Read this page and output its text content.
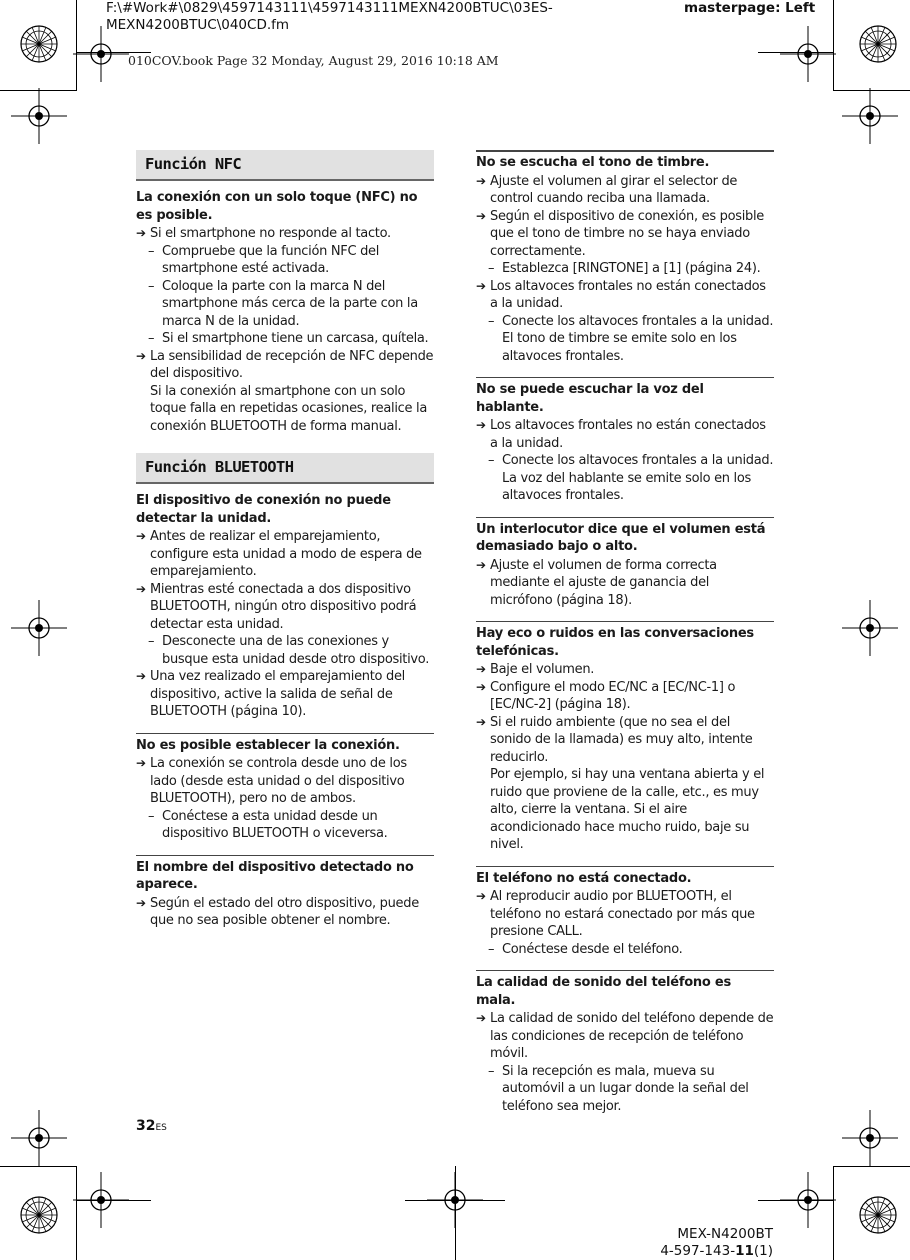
F:\#Work#\0829\4597143111\4597143111MEXN4200BTUC\03ES-
MEXN4200BTUC\040CD.fm
masterpage: Left
010COV.book Page 32 Monday, August 29, 2016 10:18 AM
Función NFC
La conexión con un solo toque (NFC) no es posible.
➔ Si el smartphone no responde al tacto.
– Compruebe que la función NFC del smartphone esté activada.
– Coloque la parte con la marca N del smartphone más cerca de la parte con la marca N de la unidad.
– Si el smartphone tiene un carcasa, quítela.
➔ La sensibilidad de recepción de NFC depende del dispositivo.
Si la conexión al smartphone con un solo toque falla en repetidas ocasiones, realice la conexión BLUETOOTH de forma manual.
Función BLUETOOTH
El dispositivo de conexión no puede detectar la unidad.
➔ Antes de realizar el emparejamiento, configure esta unidad a modo de espera de emparejamiento.
➔ Mientras esté conectada a dos dispositivo BLUETOOTH, ningún otro dispositivo podrá detectar esta unidad.
– Desconecte una de las conexiones y busque esta unidad desde otro dispositivo.
➔ Una vez realizado el emparejamiento del dispositivo, active la salida de señal de BLUETOOTH (página 10).
No es posible establecer la conexión.
➔ La conexión se controla desde uno de los lado (desde esta unidad o del dispositivo BLUETOOTH), pero no de ambos.
– Conéctese a esta unidad desde un dispositivo BLUETOOTH o viceversa.
El nombre del dispositivo detectado no aparece.
➔ Según el estado del otro dispositivo, puede que no sea posible obtener el nombre.
No se escucha el tono de timbre.
➔ Ajuste el volumen al girar el selector de control cuando reciba una llamada.
➔ Según el dispositivo de conexión, es posible que el tono de timbre no se haya enviado correctamente.
– Establezca [RINGTONE] a [1] (página 24).
➔ Los altavoces frontales no están conectados a la unidad.
– Conecte los altavoces frontales a la unidad. El tono de timbre se emite solo en los altavoces frontales.
No se puede escuchar la voz del hablante.
➔ Los altavoces frontales no están conectados a la unidad.
– Conecte los altavoces frontales a la unidad. La voz del hablante se emite solo en los altavoces frontales.
Un interlocutor dice que el volumen está demasiado bajo o alto.
➔ Ajuste el volumen de forma correcta mediante el ajuste de ganancia del micrófono (página 18).
Hay eco o ruidos en las conversaciones telefónicas.
➔ Baje el volumen.
➔ Configure el modo EC/NC a [EC/NC-1] o [EC/NC-2] (página 18).
➔ Si el ruido ambiente (que no sea el del sonido de la llamada) es muy alto, intente reducirlo.
Por ejemplo, si hay una ventana abierta y el ruido que proviene de la calle, etc., es muy alto, cierre la ventana. Si el aire acondicionado hace mucho ruido, baje su nivel.
El teléfono no está conectado.
➔ Al reproducir audio por BLUETOOTH, el teléfono no estará conectado por más que presione CALL.
– Conéctese desde el teléfono.
La calidad de sonido del teléfono es mala.
➔ La calidad de sonido del teléfono depende de las condiciones de recepción de teléfono móvil.
– Si la recepción es mala, mueva su automóvil a un lugar donde la señal del teléfono sea mejor.
32ES
MEX-N4200BT
4-597-143-11(1)
